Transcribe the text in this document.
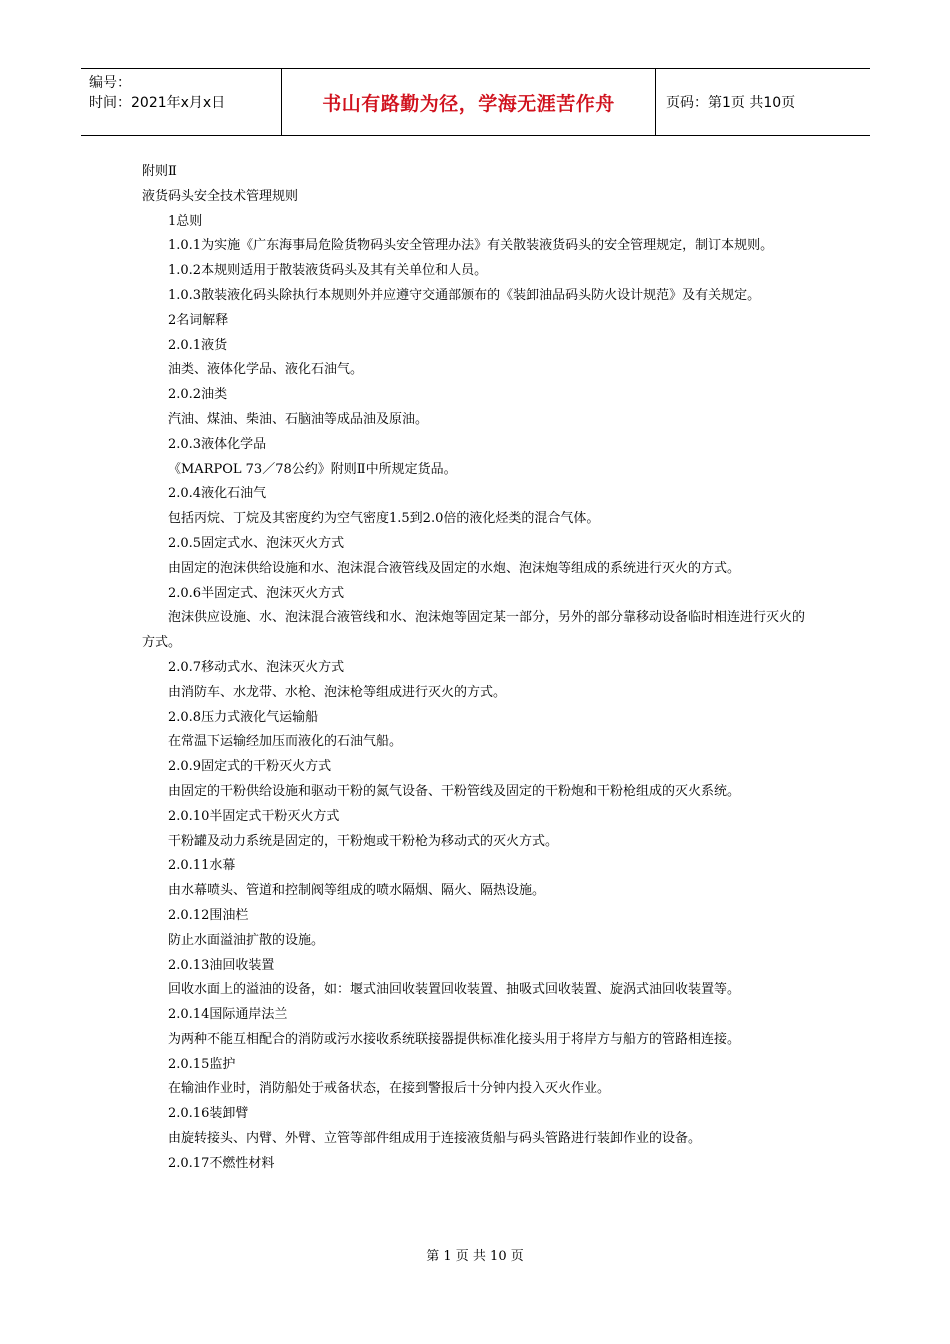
编号：
时间：2021年x月x日	书山有路勤为径，学海无涯苦作舟	页码：第1页 共10页

附则Ⅱ

液货码头安全技术管理规则

1总则

1.0.1为实施《广东海事局危险货物码头安全管理办法》有关散装液货码头的安全管理规定，制订本规则。

1.0.2本规则适用于散装液货码头及其有关单位和人员。

1.0.3散装液化码头除执行本规则外并应遵守交通部颁布的《装卸油品码头防火设计规范》及有关规定。

2名词解释

2.0.1液货

油类、液体化学品、液化石油气。

2.0.2油类

汽油、煤油、柴油、石脑油等成品油及原油。

2.0.3液体化学品

《MARPOL 73／78公约》附则Ⅱ中所规定货品。

2.0.4液化石油气

包括丙烷、丁烷及其密度约为空气密度1.5到2.0倍的液化烃类的混合气体。

2.0.5固定式水、泡沫灭火方式

由固定的泡沫供给设施和水、泡沫混合液管线及固定的水炮、泡沫炮等组成的系统进行灭火的方式。

2.0.6半固定式、泡沫灭火方式

泡沫供应设施、水、泡沫混合液管线和水、泡沫炮等固定某一部分，另外的部分靠移动设备临时相连进行灭火的方式。

2.0.7移动式水、泡沫灭火方式

由消防车、水龙带、水枪、泡沫枪等组成进行灭火的方式。

2.0.8压力式液化气运输船

在常温下运输经加压而液化的石油气船。

2.0.9固定式的干粉灭火方式

由固定的干粉供给设施和驱动干粉的氮气设备、干粉管线及固定的干粉炮和干粉枪组成的灭火系统。

2.0.10半固定式干粉灭火方式

干粉罐及动力系统是固定的，干粉炮或干粉枪为移动式的灭火方式。

2.0.11水幕

由水幕喷头、管道和控制阀等组成的喷水隔烟、隔火、隔热设施。

2.0.12围油栏

防止水面溢油扩散的设施。

2.0.13油回收装置

回收水面上的溢油的设备，如：堰式油回收装置回收装置、抽吸式回收装置、旋涡式油回收装置等。

2.0.14国际通岸法兰

为两种不能互相配合的消防或污水接收系统联接器提供标准化接头用于将岸方与船方的管路相连接。

2.0.15监护

在输油作业时，消防船处于戒备状态，在接到警报后十分钟内投入灭火作业。

2.0.16装卸臂

由旋转接头、内臂、外臂、立管等部件组成用于连接液货船与码头管路进行装卸作业的设备。

2.0.17不燃性材料

第 1 页 共 10 页
